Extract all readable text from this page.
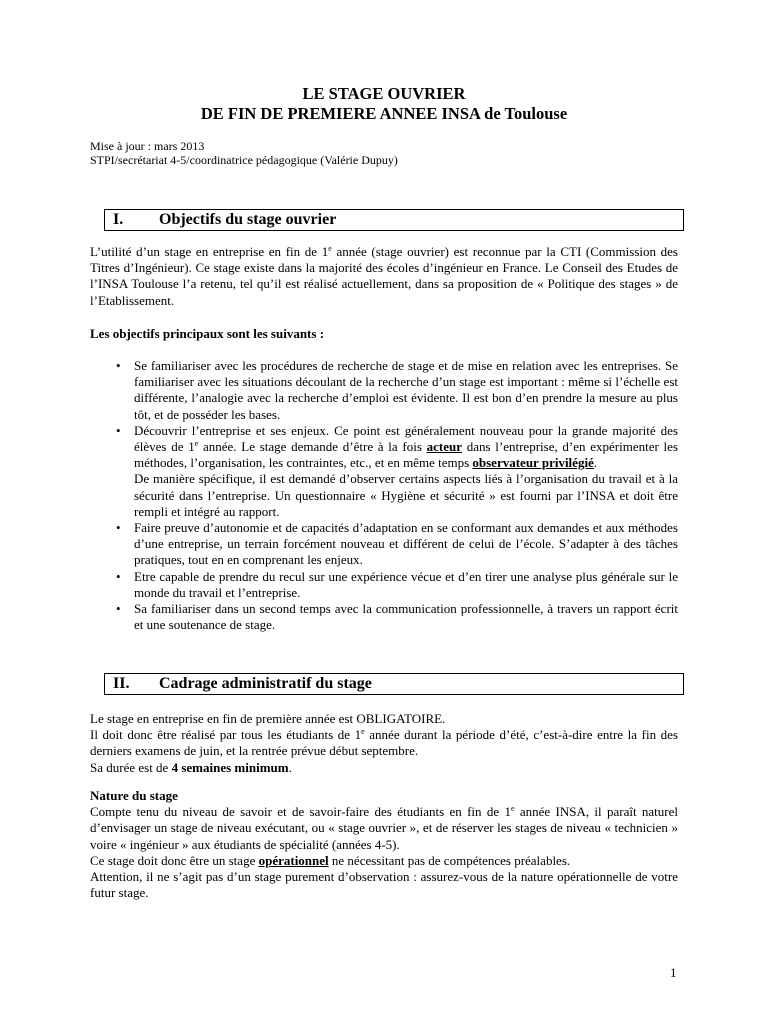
LE STAGE OUVRIER
DE FIN DE PREMIERE ANNEE INSA de Toulouse
Mise à jour : mars 2013
STPI/secrétariat 4-5/coordinatrice pédagogique (Valérie Dupuy)
I. Objectifs du stage ouvrier

L’utilité d’un stage en entreprise en fin de 1e année (stage ouvrier) est reconnue par la CTI (Commission des Titres d’Ingénieur). Ce stage existe dans la majorité des écoles d’ingénieur en France. Le Conseil des Etudes de l’INSA Toulouse l’a retenu, tel qu’il est réalisé actuellement, dans sa proposition de « Politique des stages » de l’Etablissement.

Les objectifs principaux sont les suivants :

• Se familiariser avec les procédures de recherche de stage et de mise en relation avec les entreprises. Se familiariser avec les situations découlant de la recherche d’un stage est important : même si l’échelle est différente, l’analogie avec la recherche d’emploi est évidente. Il est bon d’en prendre la mesure au plus tôt, et de posséder les bases.
• Découvrir l’entreprise et ses enjeux. Ce point est généralement nouveau pour la grande majorité des élèves de 1e année. Le stage demande d’être à la fois acteur dans l’entreprise, d’en expérimenter les méthodes, l’organisation, les contraintes, etc., et en même temps observateur privilégié.
De manière spécifique, il est demandé d’observer certains aspects liés à l’organisation du travail et à la sécurité dans l’entreprise. Un questionnaire « Hygiène et sécurité » est fourni par l’INSA et doit être rempli et intégré au rapport.
• Faire preuve d’autonomie et de capacités d’adaptation en se conformant aux demandes et aux méthodes d’une entreprise, un terrain forcément nouveau et différent de celui de l’école. S’adapter à des tâches pratiques, tout en en comprenant les enjeux.
• Etre capable de prendre du recul sur une expérience vécue et d’en tirer une analyse plus générale sur le monde du travail et l’entreprise.
• Sa familiariser dans un second temps avec la communication professionnelle, à travers un rapport écrit et une soutenance de stage.
II. Cadrage administratif du stage

Le stage en entreprise en fin de première année est OBLIGATOIRE.
Il doit donc être réalisé par tous les étudiants de 1e année durant la période d’été, c’est-à-dire entre la fin des derniers examens de juin, et la rentrée prévue début septembre.
Sa durée est de 4 semaines minimum.

Nature du stage
Compte tenu du niveau de savoir et de savoir-faire des étudiants en fin de 1e année INSA, il paraît naturel d’envisager un stage de niveau exécutant, ou « stage ouvrier », et de réserver les stages de niveau « technicien » voire « ingénieur » aux étudiants de spécialité (années 4-5).
Ce stage doit donc être un stage opérationnel ne nécessitant pas de compétences préalables.
Attention, il ne s’agit pas d’un stage purement d’observation : assurez-vous de la nature opérationnelle de votre futur stage.

1
